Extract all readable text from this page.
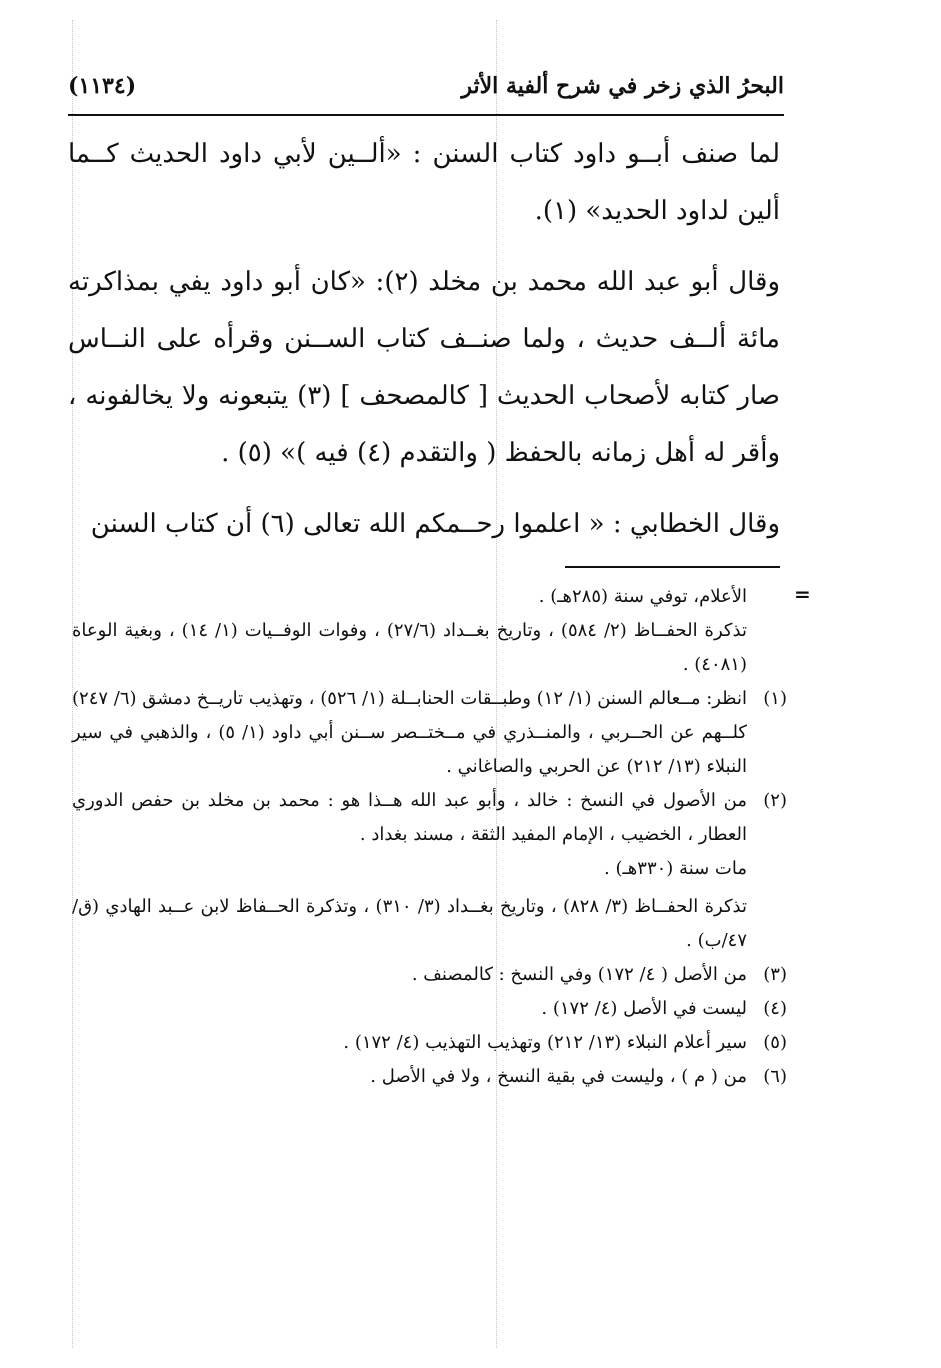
البحرُ الذي زخر في شرح ألفية الأثر
(١١٣٤)

لما صنف أبــو داود كتاب السنن : «ألــين لأبي داود الحديث كــما ألين لداود الحديد» (١).

وقال أبو عبد الله محمد بن مخلد (٢): «كان أبو داود يفي بمذاكرته مائة ألــف حديث ، ولما صنــف كتاب الســنن وقرأه على النــاس صار كتابه لأصحاب الحديث [ كالمصحف ] (٣) يتبعونه ولا يخالفونه ، وأقر له أهل زمانه بالحفظ ( والتقدم (٤) فيه )» (٥) .

وقال الخطابي : « اعلموا رحــمكم الله تعالى (٦) أن كتاب السنن

=
الأعلام، توفي سنة (٢٨٥هـ) .
تذكرة الحفــاظ (٢/ ٥٨٤) ، وتاريخ بغــداد (٢٧/٦) ، وفوات الوفــيات (١/ ١٤) ، وبغية الوعاة (٤٠٨١) .
(١)انظر: مــعالم السنن (١/ ١٢) وطبــقات الحنابــلة (١/ ٥٢٦) ، وتهذيب تاريــخ دمشق (٦/ ٢٤٧) كلــهم عن الحــربي ، والمنــذري في مــختــصر ســنن أبي داود (١/ ٥) ، والذهبي في سير النبلاء (١٣/ ٢١٢) عن الحربي والصاغاني .
(٢)من الأصول في النسخ : خالد ، وأبو عبد الله هــذا هو : محمد بن مخلد بن حفص الدوري العطار ، الخضيب ، الإمام المفيد الثقة ، مسند بغداد .
مات سنة (٣٣٠هـ) .
تذكرة الحفــاظ (٣/ ٨٢٨) ، وتاريخ بغــداد (٣/ ٣١٠) ، وتذكرة الحــفاظ لابن عــبد الهادي (ق/ ٤٧/ب) .
(٣)من الأصل ( ٤/ ١٧٢) وفي النسخ : كالمصنف .
(٤)ليست في الأصل (٤/ ١٧٢) .
(٥)سير أعلام النبلاء (١٣/ ٢١٢) وتهذيب التهذيب (٤/ ١٧٢) .
(٦)من ( م ) ، وليست في بقية النسخ ، ولا في الأصل .
